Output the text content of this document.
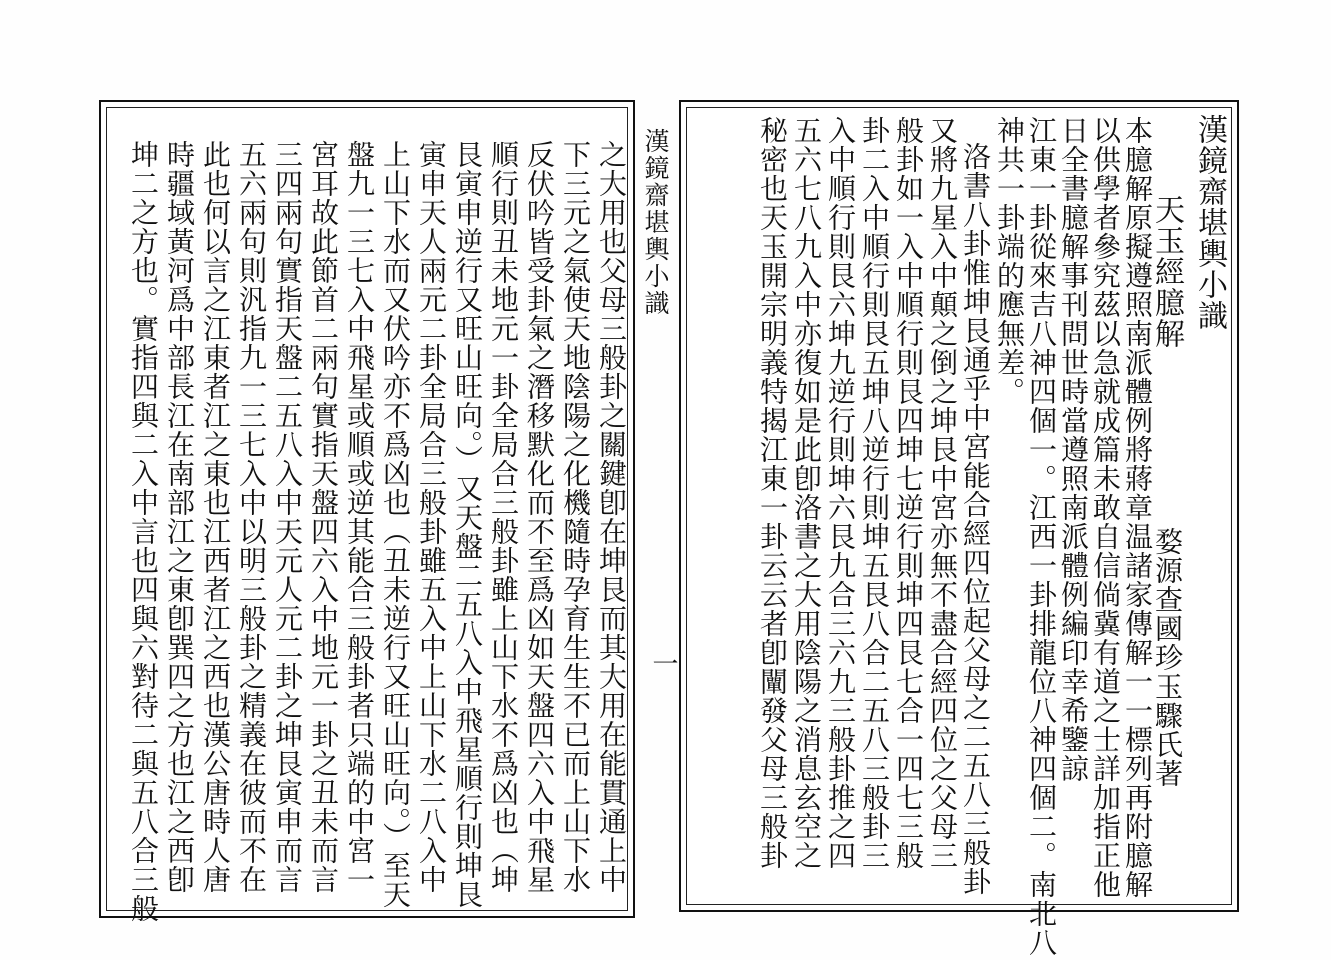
漢鏡齋堪輿小識

天玉經臆解

婺源查國珍玉驟氏著

本臆解原擬遵照南派體例將蔣章温諸家傳解一一標列再附臆解

以供學者參究茲以急就成篇未敢自信倘冀有道之士詳加指正他

日全書臆解事刊問世時當遵照南派體例編印幸希鑒諒

江東一卦從來吉八神四個一。江西一卦排龍位八神四個二。南北八

神共一卦端的應無差。

洛書八卦惟坤艮通乎中宮能合經四位起父母之二五八三般卦

又將九星入中顛之倒之坤艮中宮亦無不盡合經四位之父母三

般卦如一入中順行則艮四坤七逆行則坤四艮七合一四七三般

卦二入中順行則艮五坤八逆行則坤五艮八合二五八三般卦三

入中順行則艮六坤九逆行則坤六艮九合三六九三般卦推之四

五六七八九入中亦復如是此卽洛書之大用陰陽之消息玄空之

秘密也天玉開宗明義特揭江東一卦云云者卽闡發父母三般卦

漢鏡齋堪輿小識
一

之大用也父母三般卦之關鍵卽在坤艮而其大用在能貫通上中

下三元之氣使天地陰陽之化機隨時孕育生生不已而上山下水

反伏吟皆受卦氣之潛移默化而不至爲凶如天盤四六入中飛星

順行則丑未地元一卦全局合三般卦雖上山下水不爲凶也（坤

艮寅申逆行又旺山旺向。）又天盤二五八入中飛星順行則坤艮

寅申天人兩元二卦全局合三般卦雖五入中上山下水二八入中

上山下水而又伏吟亦不爲凶也（丑未逆行又旺山旺向。）至天

盤九一三七入中飛星或順或逆其能合三般卦者只端的中宮一

宮耳故此節首二兩句實指天盤四六入中地元一卦之丑未而言

三四兩句實指天盤二五八入中天元人元二卦之坤艮寅申而言

五六兩句則汎指九一三七入中以明三般卦之精義在彼而不在

此也何以言之江東者江之東也江西者江之西也漢公唐時人唐

時疆域黃河爲中部長江在南部江之東卽巽四之方也江之西卽

坤二之方也。實指四與二入中言也四與六對待二與五八合三般
